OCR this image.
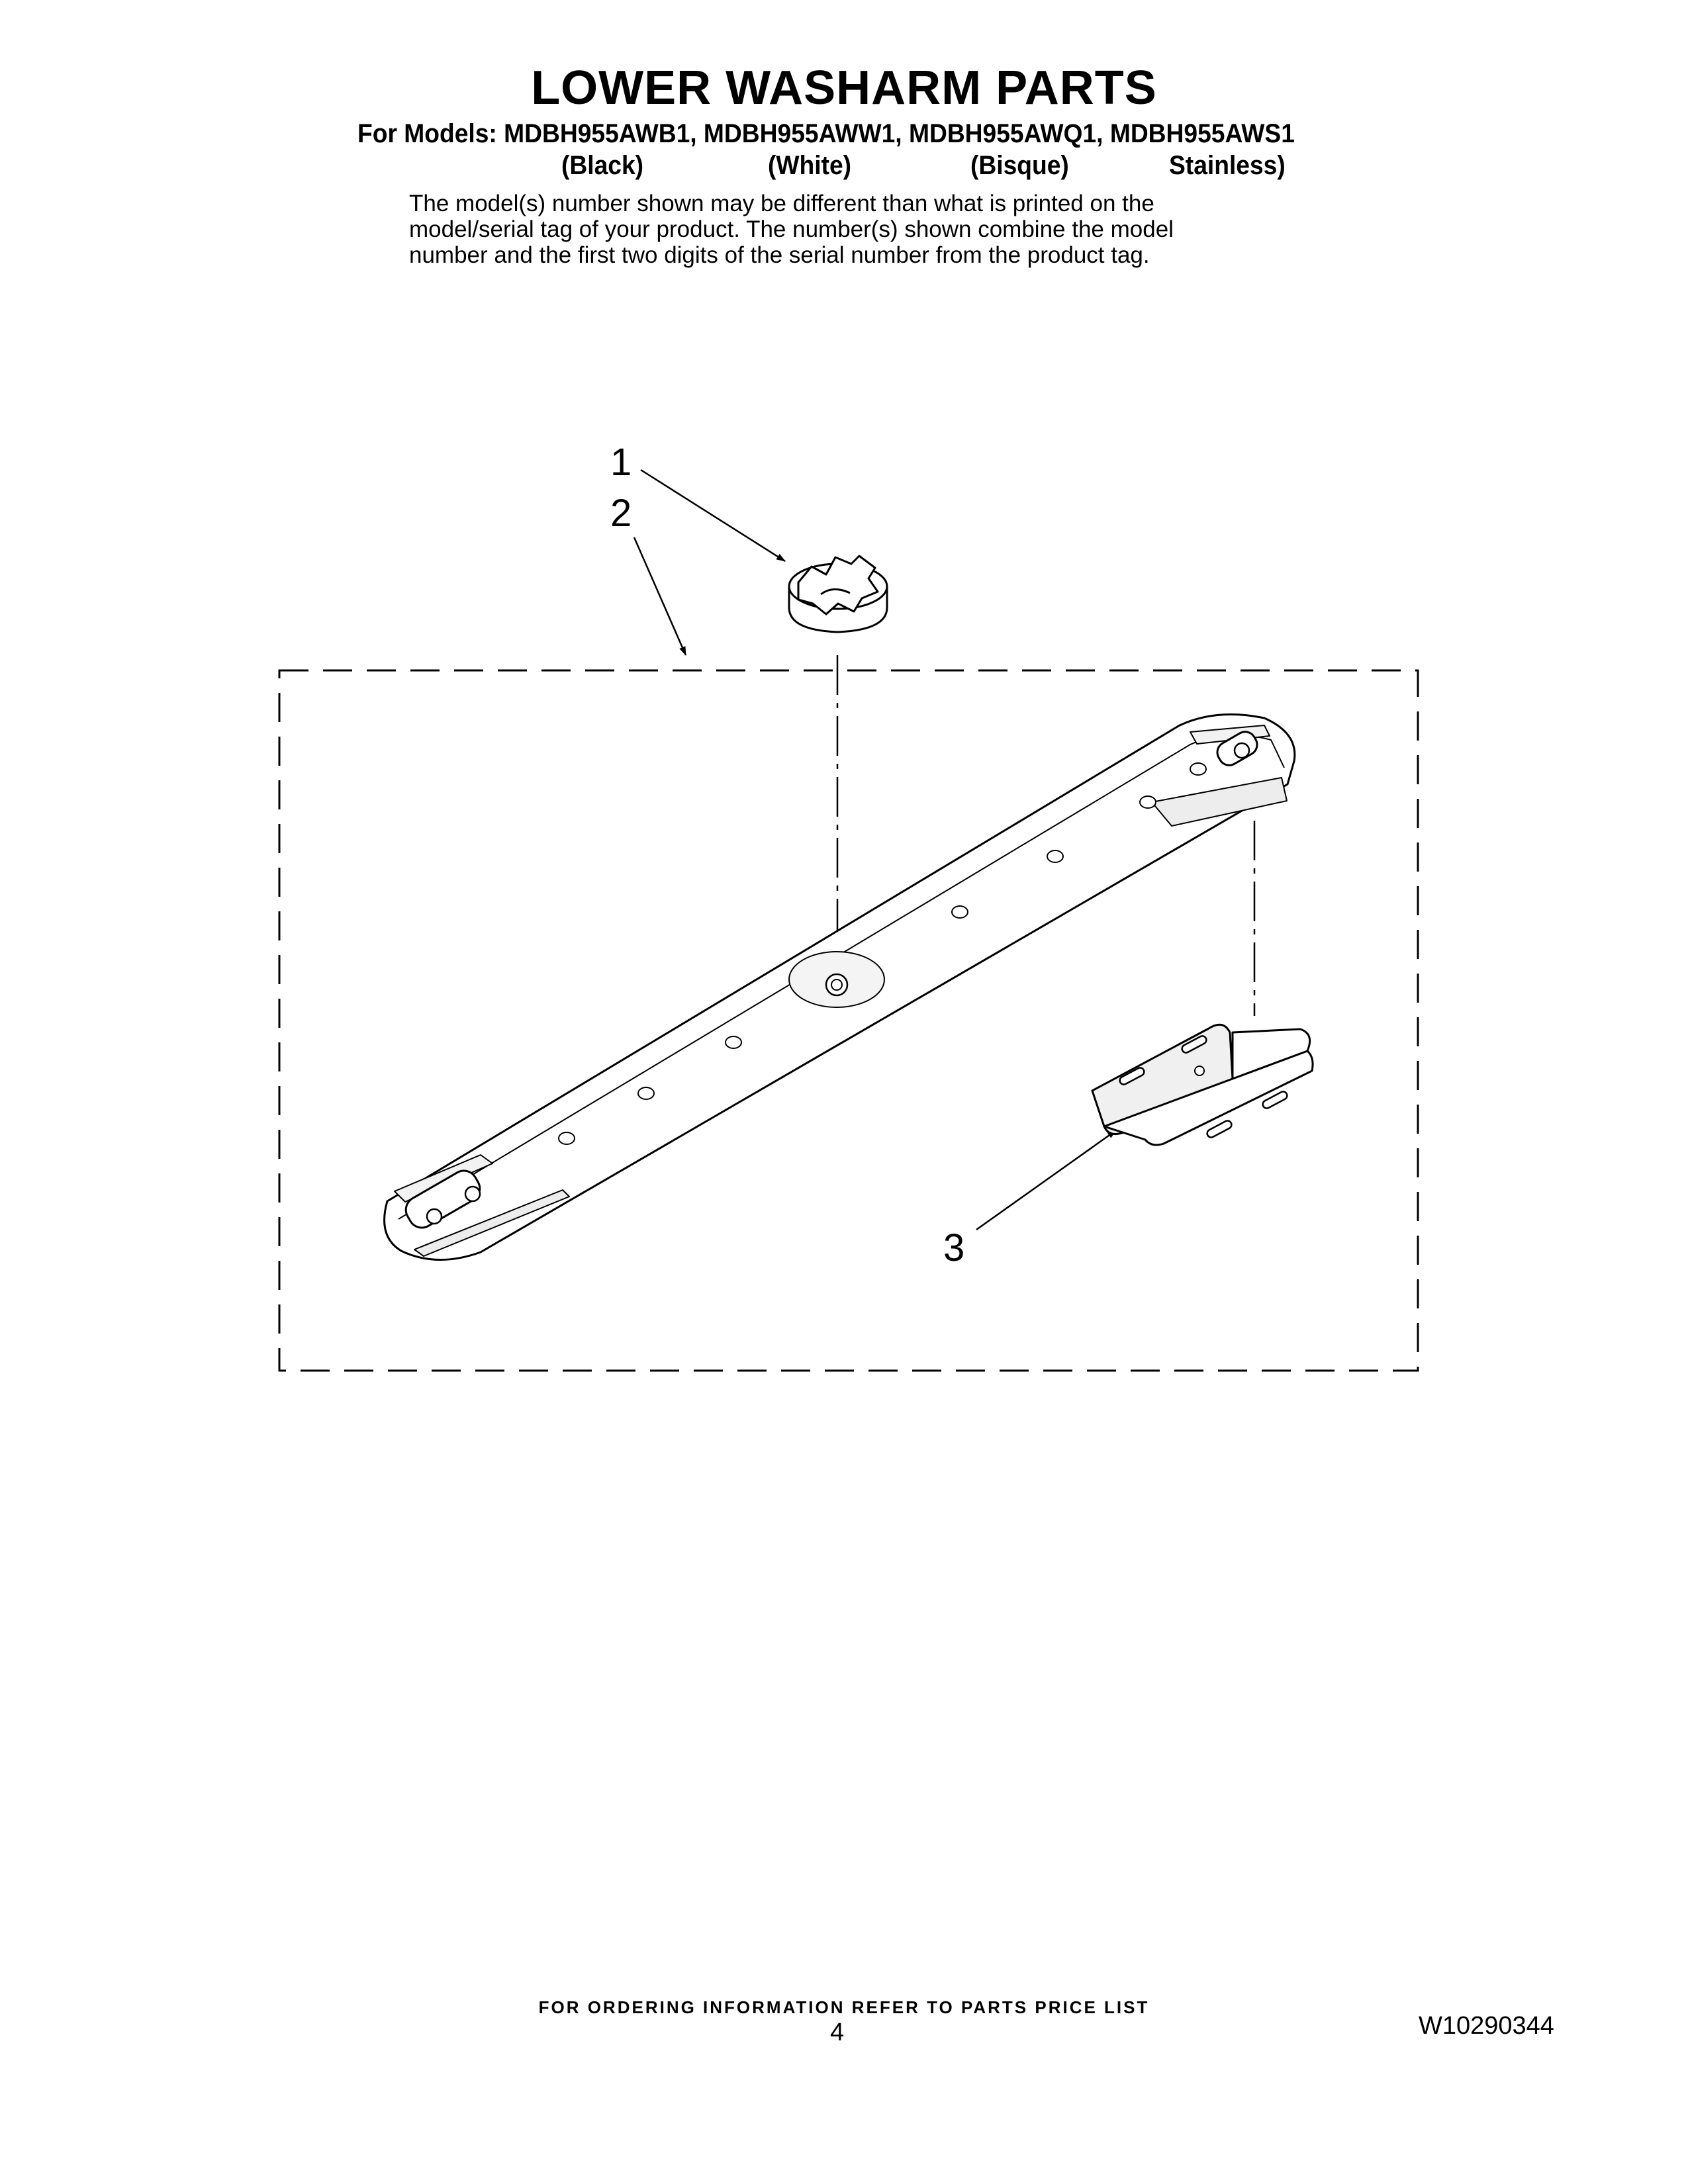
LOWER WASHARM PARTS
For Models: MDBH955AWB1, MDBH955AWW1, MDBH955AWQ1, MDBH955AWS1
(Black)	(White)	(Bisque)	Stainless)
The model(s) number shown may be different than what is printed on the
model/serial tag of your product. The number(s) shown combine the model
number and the first two digits of the serial number from the product tag.
1
2
3
FOR ORDERING INFORMATION REFER TO PARTS PRICE LIST
4	W10290344
